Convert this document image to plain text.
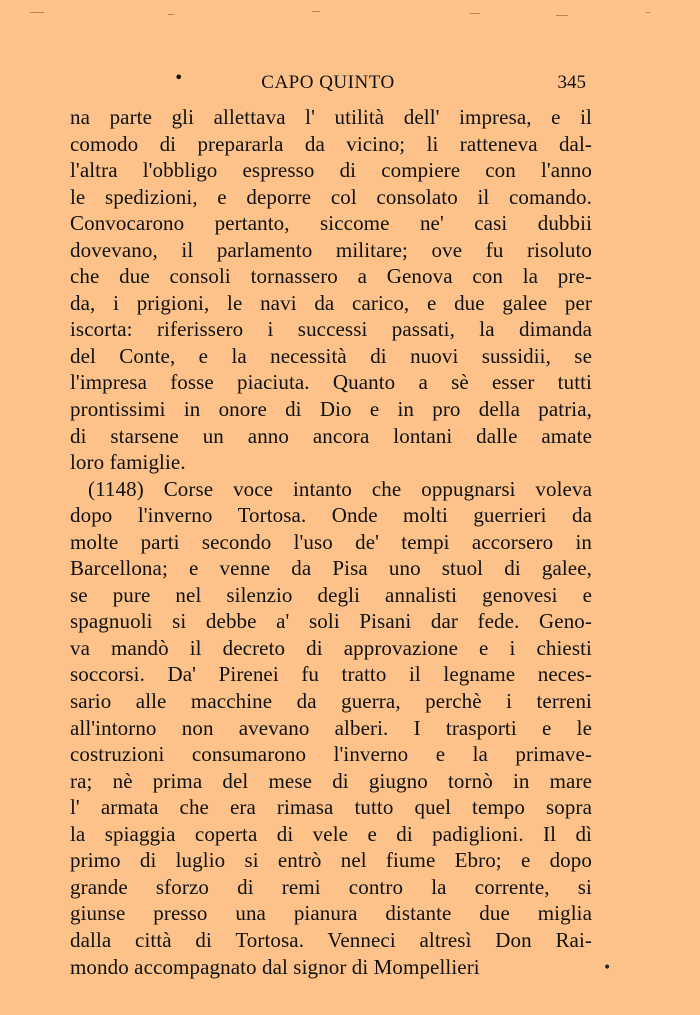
•	CAPO QUINTO	345
na parte gli allettava l' utilità dell' impresa, e il
comodo di prepararla da vicino; li ratteneva dal-
l'altra l'obbligo espresso di compiere con l'anno
le spedizioni, e deporre col consolato il comando.
Convocarono pertanto, siccome ne' casi dubbii
dovevano, il parlamento militare; ove fu risoluto
che due consoli tornassero a Genova con la pre-
da, i prigioni, le navi da carico, e due galee per
iscorta: riferissero i successi passati, la dimanda
del Conte, e la necessità di nuovi sussidii, se
l'impresa fosse piaciuta. Quanto a sè esser tutti
prontissimi in onore di Dio e in pro della patria,
di starsene un anno ancora lontani dalle amate
loro famiglie.
(1148) Corse voce intanto che oppugnarsi voleva
dopo l'inverno Tortosa. Onde molti guerrieri da
molte parti secondo l'uso de' tempi accorsero in
Barcellona; e venne da Pisa uno stuol di galee,
se pure nel silenzio degli annalisti genovesi e
spagnuoli si debbe a' soli Pisani dar fede. Geno-
va mandò il decreto di approvazione e i chiesti
soccorsi. Da' Pirenei fu tratto il legname neces-
sario alle macchine da guerra, perchè i terreni
all'intorno non avevano alberi. I trasporti e le
costruzioni consumarono l'inverno e la primave-
ra; nè prima del mese di giugno tornò in mare
l' armata che era rimasa tutto quel tempo sopra
la spiaggia coperta di vele e di padiglioni. Il dì
primo di luglio si entrò nel fiume Ebro; e dopo
grande sforzo di remi contro la corrente, si
giunse presso una pianura distante due miglia
dalla città di Tortosa. Venneci altresì Don Rai-
mondo accompagnato dal signor di Mompellieri	•
